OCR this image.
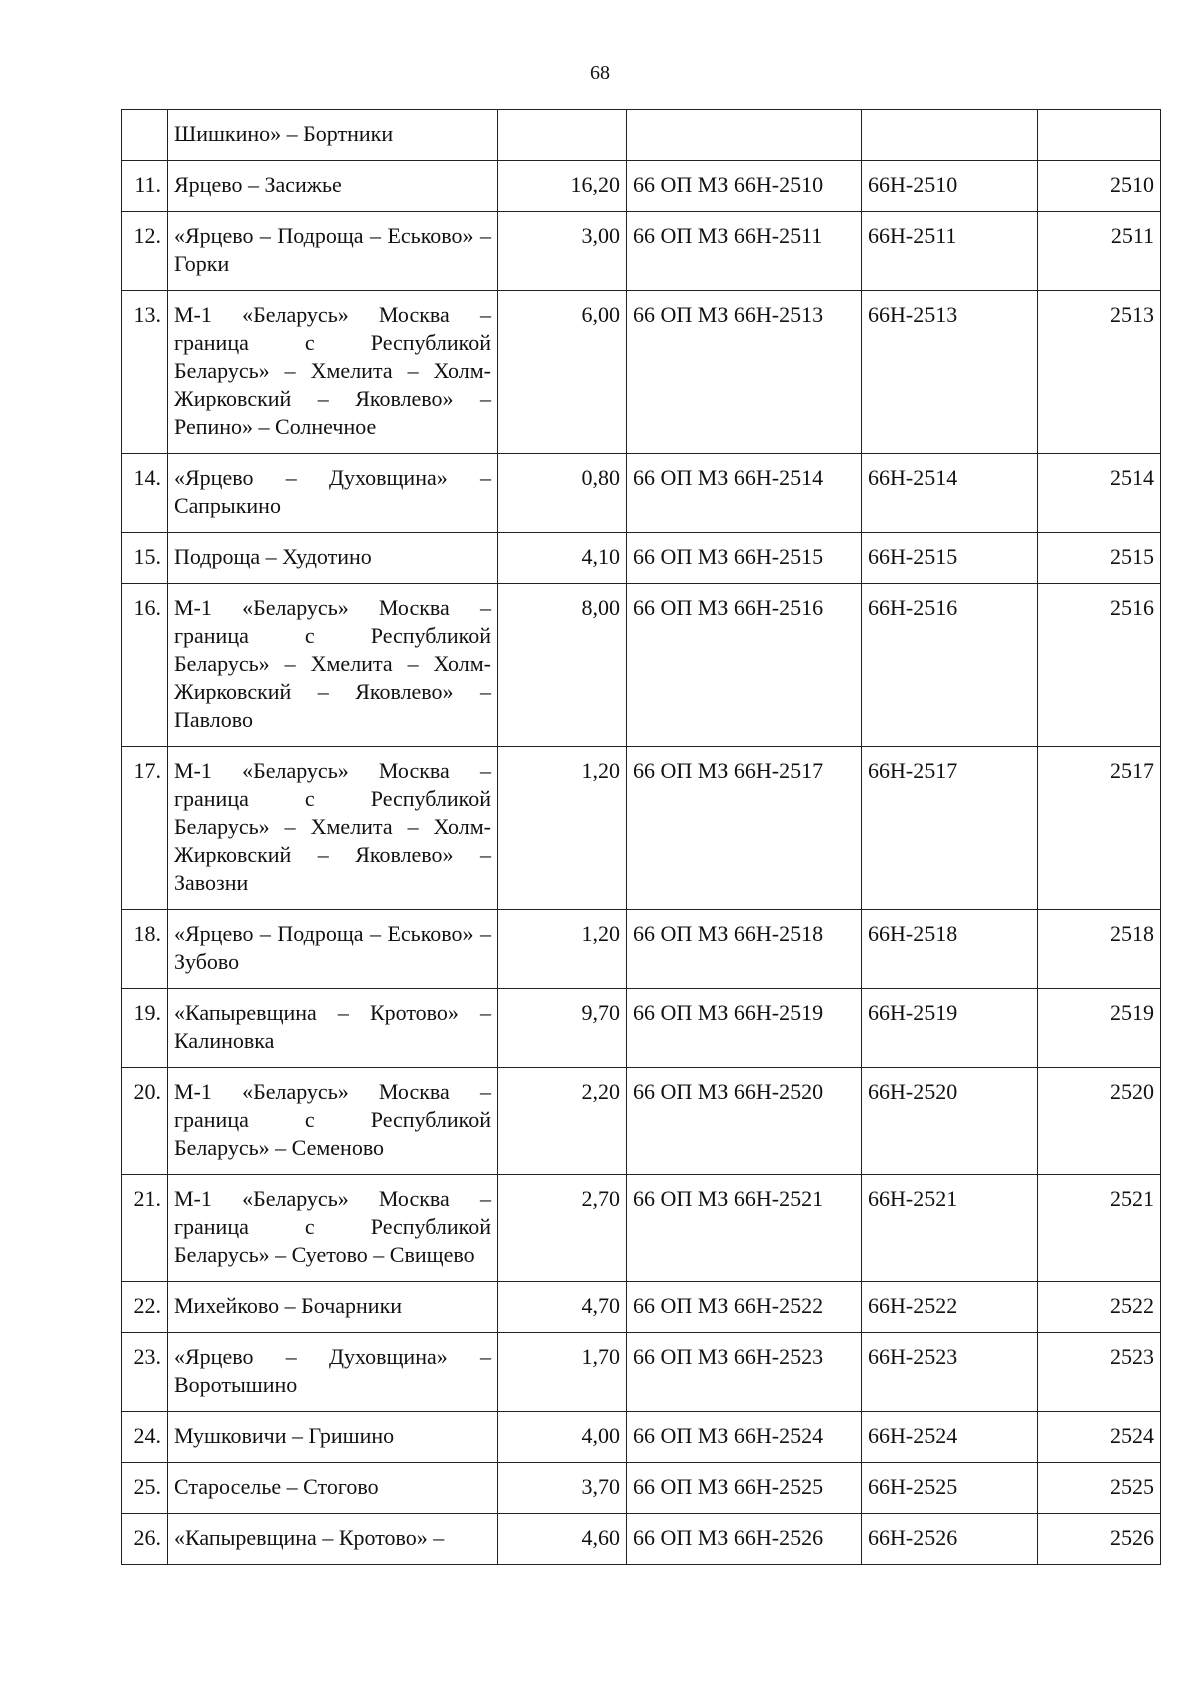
68
	Шишкино» – Бортники				
11.	Ярцево – Засижье	16,20	66 ОП МЗ 66Н-2510	66Н-2510	2510
12.	«Ярцево – Подроща – Еськово» – Горки	3,00	66 ОП МЗ 66Н-2511	66Н-2511	2511
13.	М-1 «Беларусь» Москва – граница с Республикой Беларусь» – Хмелита – Холм-Жирковский – Яковлево» – Репино» – Солнечное	6,00	66 ОП МЗ 66Н-2513	66Н-2513	2513
14.	«Ярцево – Духовщина» – Сапрыкино	0,80	66 ОП МЗ 66Н-2514	66Н-2514	2514
15.	Подроща – Худотино	4,10	66 ОП МЗ 66Н-2515	66Н-2515	2515
16.	М-1 «Беларусь» Москва – граница с Республикой Беларусь» – Хмелита – Холм-Жирковский – Яковлево» – Павлово	8,00	66 ОП МЗ 66Н-2516	66Н-2516	2516
17.	М-1 «Беларусь» Москва – граница с Республикой Беларусь» – Хмелита – Холм-Жирковский – Яковлево» – Завозни	1,20	66 ОП МЗ 66Н-2517	66Н-2517	2517
18.	«Ярцево – Подроща – Еськово» – Зубово	1,20	66 ОП МЗ 66Н-2518	66Н-2518	2518
19.	«Капыревщина – Кротово» – Калиновка	9,70	66 ОП МЗ 66Н-2519	66Н-2519	2519
20.	М-1 «Беларусь» Москва – граница с Республикой Беларусь» – Семеново	2,20	66 ОП МЗ 66Н-2520	66Н-2520	2520
21.	М-1 «Беларусь» Москва – граница с Республикой Беларусь» – Суетово – Свищево	2,70	66 ОП МЗ 66Н-2521	66Н-2521	2521
22.	Михейково – Бочарники	4,70	66 ОП МЗ 66Н-2522	66Н-2522	2522
23.	«Ярцево – Духовщина» – Воротышино	1,70	66 ОП МЗ 66Н-2523	66Н-2523	2523
24.	Мушковичи – Гришино	4,00	66 ОП МЗ 66Н-2524	66Н-2524	2524
25.	Староселье – Стогово	3,70	66 ОП МЗ 66Н-2525	66Н-2525	2525
26.	«Капыревщина – Кротово» –	4,60	66 ОП МЗ 66Н-2526	66Н-2526	2526
